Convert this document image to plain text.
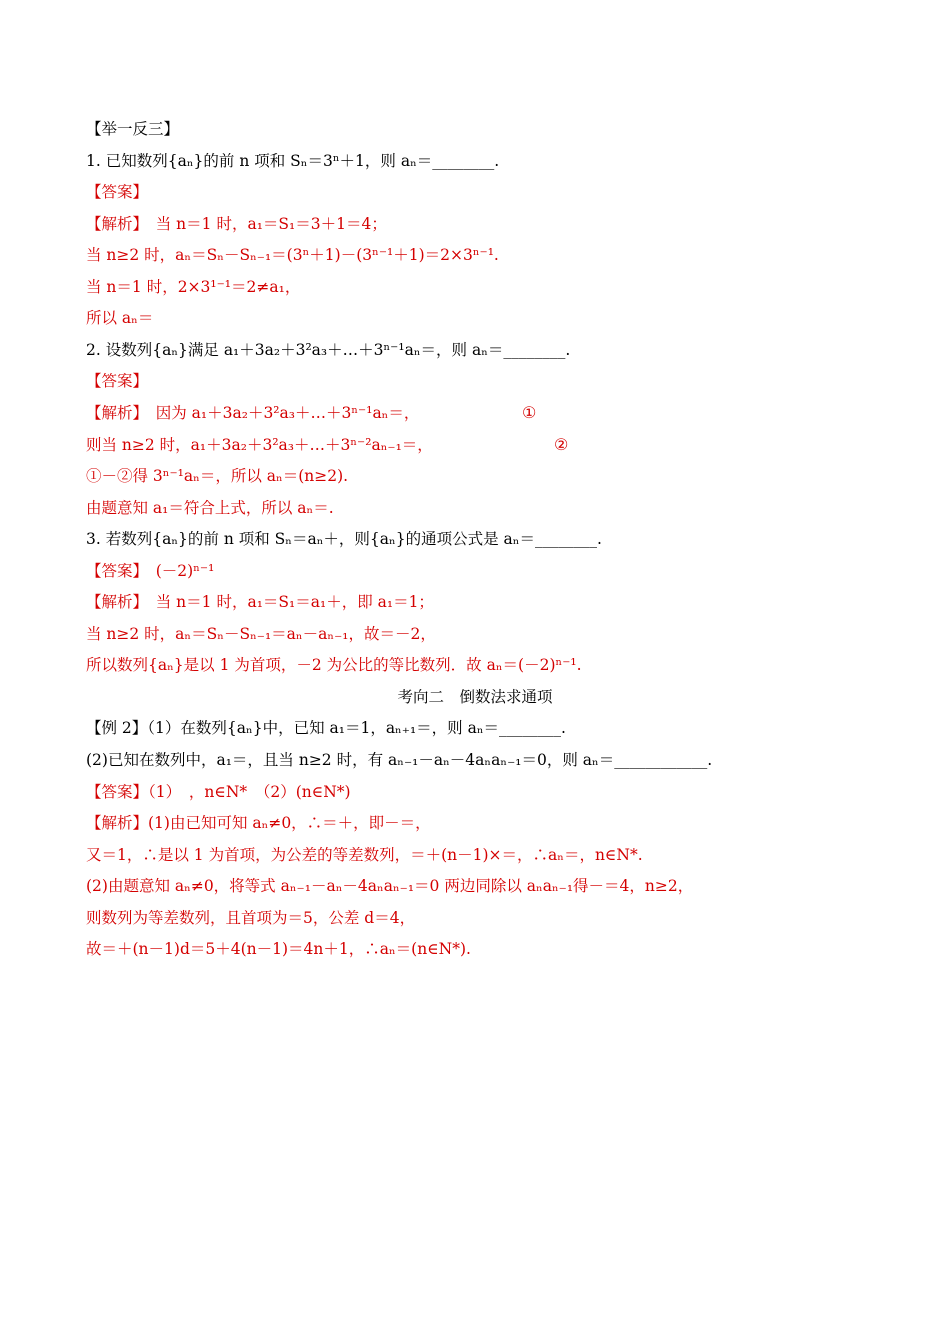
【举一反三】
1. 已知数列{aₙ}的前 n 项和 Sₙ＝3ⁿ＋1，则 aₙ＝________.
【答案】
【解析】　当 n＝1 时，a₁＝S₁＝3＋1＝4；
当 n≥2 时，aₙ＝Sₙ－Sₙ₋₁＝(3ⁿ＋1)－(3ⁿ⁻¹＋1)＝2×3ⁿ⁻¹.
当 n＝1 时，2×3¹⁻¹＝2≠a₁，
所以 aₙ＝
2. 设数列{aₙ}满足 a₁＋3a₂＋3²a₃＋…＋3ⁿ⁻¹aₙ＝，则 aₙ＝________.
【答案】
【解析】　因为 a₁＋3a₂＋3²a₃＋…＋3ⁿ⁻¹aₙ＝，	①
则当 n≥2 时，a₁＋3a₂＋3²a₃＋…＋3ⁿ⁻²aₙ₋₁＝，	②
①－②得 3ⁿ⁻¹aₙ＝，所以 aₙ＝(n≥2).
由题意知 a₁＝符合上式，所以 aₙ＝.
3. 若数列{aₙ}的前 n 项和 Sₙ＝aₙ＋，则{aₙ}的通项公式是 aₙ＝________.
【答案】　(－2)ⁿ⁻¹
【解析】　当 n＝1 时，a₁＝S₁＝a₁＋，即 a₁＝1；
当 n≥2 时，aₙ＝Sₙ－Sₙ₋₁＝aₙ－aₙ₋₁，故＝－2，
所以数列{aₙ}是以 1 为首项，－2 为公比的等比数列．故 aₙ＝(－2)ⁿ⁻¹.
考向二　倒数法求通项
【例 2】（1）在数列{aₙ}中，已知 a₁＝1，aₙ₊₁＝，则 aₙ＝________.
(2)已知在数列中，a₁＝，且当 n≥2 时，有 aₙ₋₁－aₙ－4aₙaₙ₋₁＝0，则 aₙ＝____________.
【答案】（1）　，n∈N*　（2）(n∈N*)
【解析】(1)由已知可知 aₙ≠0，∴＝＋，即－＝，
又＝1，∴是以 1 为首项，为公差的等差数列，＝＋(n－1)×＝，∴aₙ＝，n∈N*.
(2)由题意知 aₙ≠0，将等式 aₙ₋₁－aₙ－4aₙaₙ₋₁＝0 两边同除以 aₙaₙ₋₁得－＝4，n≥2，
则数列为等差数列，且首项为＝5，公差 d＝4，
故＝＋(n－1)d＝5＋4(n－1)＝4n＋1，∴aₙ＝(n∈N*).
